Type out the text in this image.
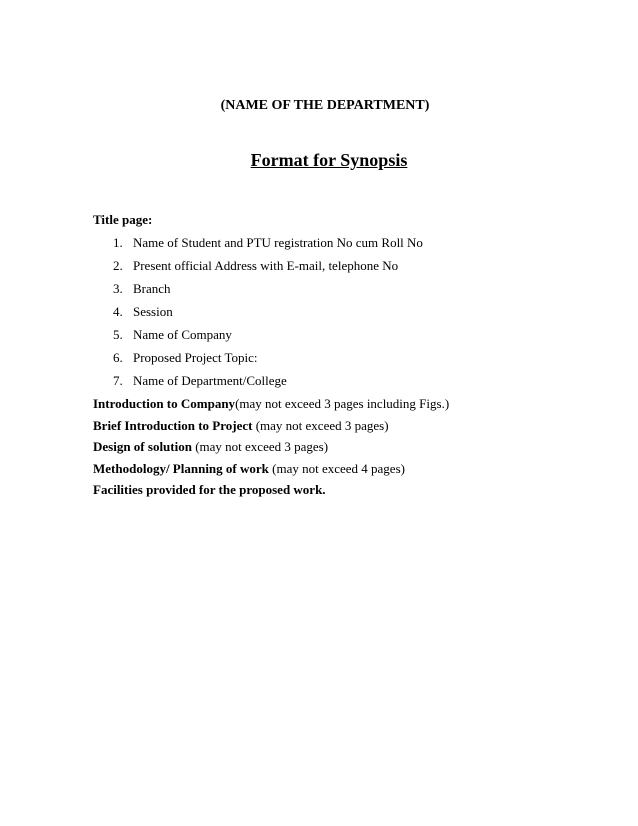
(NAME OF THE DEPARTMENT)
Format for Synopsis

Title page:

1. Name of Student and PTU registration No cum Roll No
2. Present official Address with E-mail, telephone No
3. Branch
4. Session
5. Name of Company
6. Proposed Project Topic:
7. Name of Department/College
Introduction to Company(may not exceed 3 pages including Figs.)
Brief Introduction to Project (may not exceed 3 pages)
Design of solution (may not exceed 3 pages)
Methodology/ Planning of work (may not exceed 4 pages)
Facilities provided for the proposed work.
